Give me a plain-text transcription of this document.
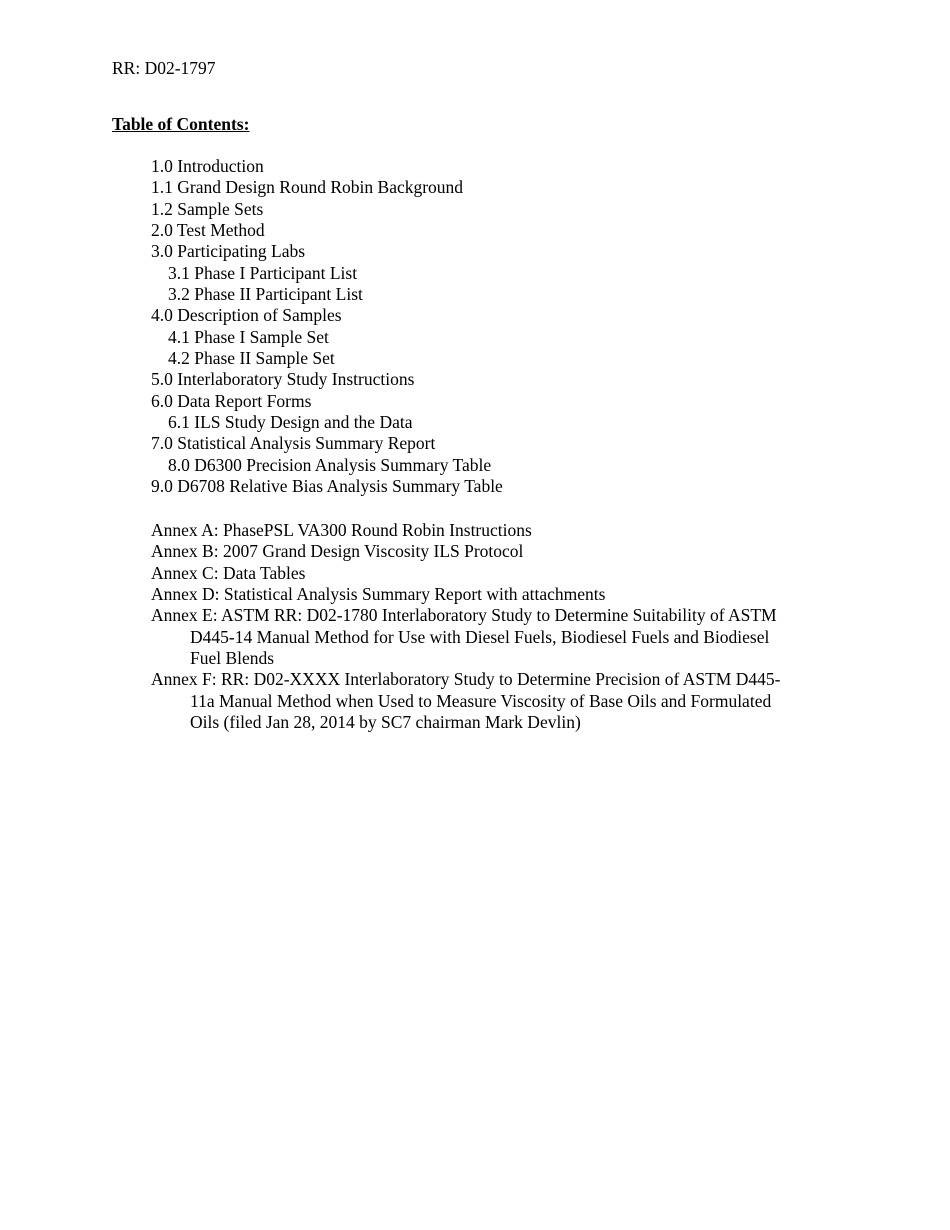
RR: D02-1797
Table of Contents:
1.0 Introduction
1.1 Grand Design Round Robin Background
1.2 Sample Sets
2.0 Test Method
3.0 Participating Labs
3.1 Phase I Participant List
3.2 Phase II Participant List
4.0 Description of Samples
4.1 Phase I Sample Set
4.2 Phase II Sample Set
5.0 Interlaboratory Study Instructions
6.0 Data Report Forms
6.1 ILS Study Design and the Data
7.0 Statistical Analysis Summary Report
8.0 D6300 Precision Analysis Summary Table
9.0 D6708 Relative Bias Analysis Summary Table
Annex A: PhasePSL VA300 Round Robin Instructions
Annex B: 2007 Grand Design Viscosity ILS Protocol
Annex C: Data Tables
Annex D: Statistical Analysis Summary Report with attachments
Annex E: ASTM RR: D02-1780 Interlaboratory Study to Determine Suitability of ASTM
D445-14 Manual Method for Use with Diesel Fuels, Biodiesel Fuels and Biodiesel
Fuel Blends
Annex F: RR: D02-XXXX Interlaboratory Study to Determine Precision of ASTM D445-
11a Manual Method when Used to Measure Viscosity of Base Oils and Formulated
Oils (filed Jan 28, 2014 by SC7 chairman Mark Devlin)
